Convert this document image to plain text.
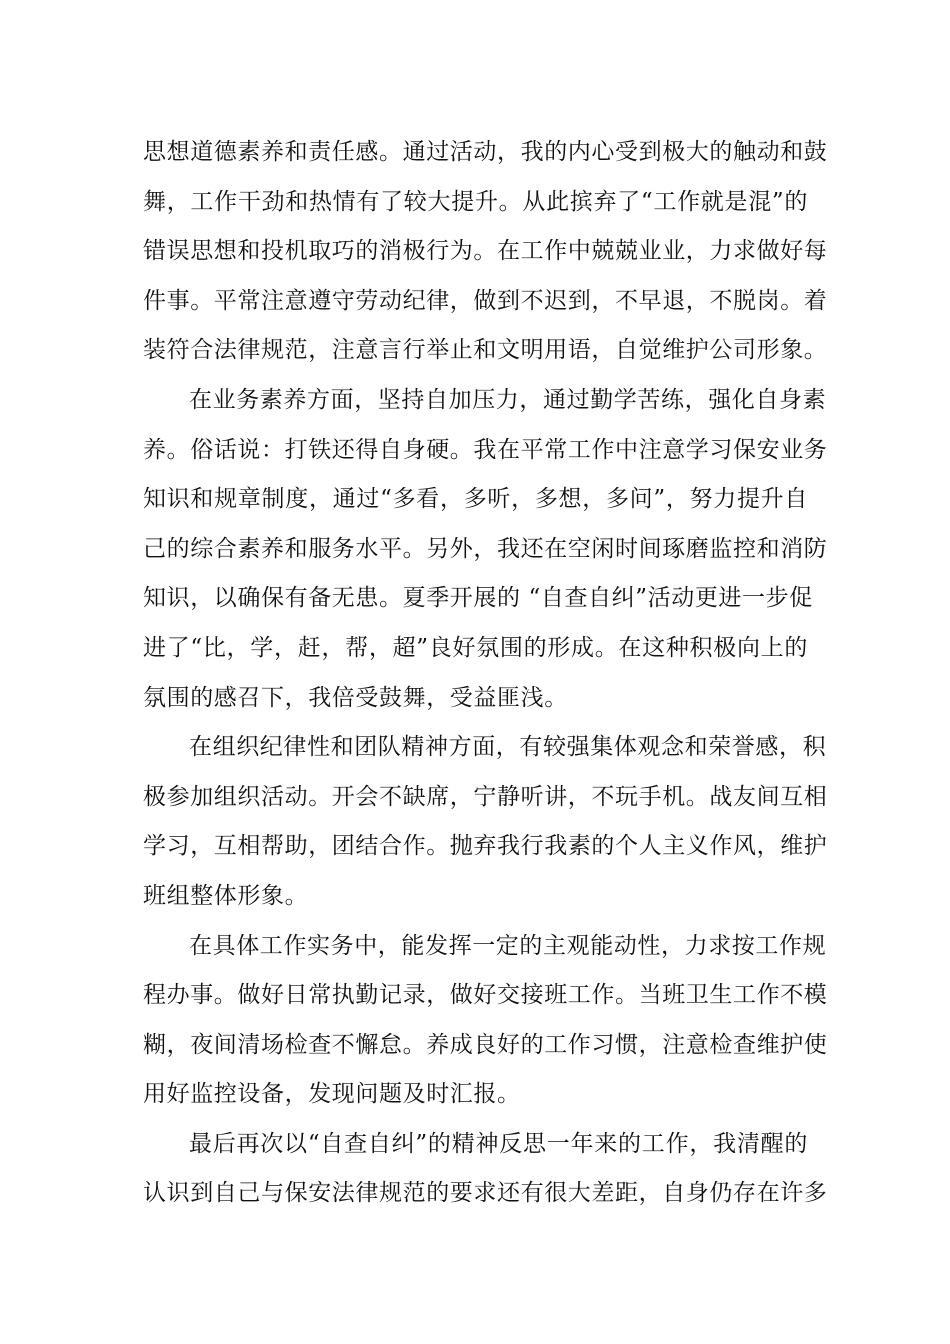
思想道德素养和责任感。通过活动，我的内心受到极大的触动和鼓
舞，工作干劲和热情有了较大提升。从此摈弃了“工作就是混”的
错误思想和投机取巧的消极行为。在工作中兢兢业业，力求做好每
件事。平常注意遵守劳动纪律，做到不迟到，不早退，不脱岗。着
装符合法律规范，注意言行举止和文明用语，自觉维护公司形象。
在业务素养方面，坚持自加压力，通过勤学苦练，强化自身素
养。俗话说：打铁还得自身硬。我在平常工作中注意学习保安业务
知识和规章制度，通过“多看，多听，多想，多问”，努力提升自
己的综合素养和服务水平。另外，我还在空闲时间琢磨监控和消防
知识，以确保有备无患。夏季开展的 “自查自纠”活动更进一步促
进了“比，学，赶，帮，超”良好氛围的形成。在这种积极向上的
氛围的感召下，我倍受鼓舞，受益匪浅。
在组织纪律性和团队精神方面，有较强集体观念和荣誉感，积
极参加组织活动。开会不缺席，宁静听讲，不玩手机。战友间互相
学习，互相帮助，团结合作。抛弃我行我素的个人主义作风，维护
班组整体形象。
在具体工作实务中，能发挥一定的主观能动性，力求按工作规
程办事。做好日常执勤记录，做好交接班工作。当班卫生工作不模
糊，夜间清场检查不懈怠。养成良好的工作习惯，注意检查维护使
用好监控设备，发现问题及时汇报。
最后再次以“自查自纠”的精神反思一年来的工作，我清醒的
认识到自己与保安法律规范的要求还有很大差距，自身仍存在许多
